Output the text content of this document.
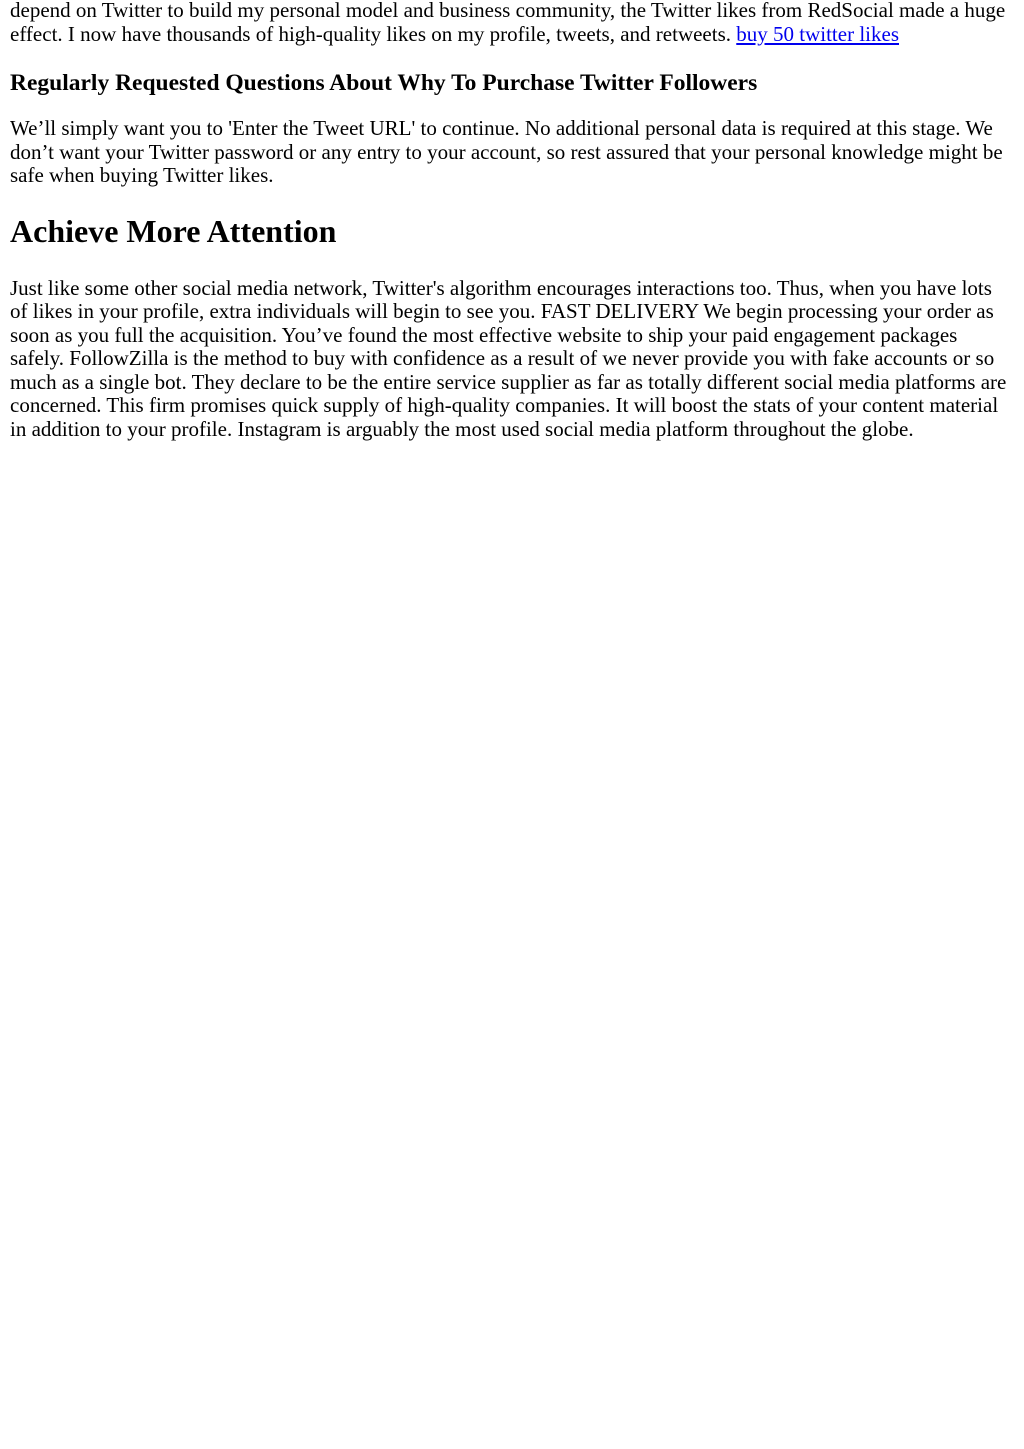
depend on Twitter to build my personal model and business community, the Twitter likes from RedSocial made a huge effect. I now have thousands of high-quality likes on my profile, tweets, and retweets. buy 50 twitter likes

Regularly Requested Questions About Why To Purchase Twitter Followers

We’ll simply want you to 'Enter the Tweet URL' to continue. No additional personal data is required at this stage. We don’t want your Twitter password or any entry to your account, so rest assured that your personal knowledge might be safe when buying Twitter likes.

Achieve More Attention

Just like some other social media network, Twitter's algorithm encourages interactions too. Thus, when you have lots of likes in your profile, extra individuals will begin to see you. FAST DELIVERY We begin processing your order as soon as you full the acquisition. You’ve found the most effective website to ship your paid engagement packages safely. FollowZilla is the method to buy with confidence as a result of we never provide you with fake accounts or so much as a single bot. They declare to be the entire service supplier as far as totally different social media platforms are concerned. This firm promises quick supply of high-quality companies. It will boost the stats of your content material in addition to your profile. Instagram is arguably the most used social media platform throughout the globe.
